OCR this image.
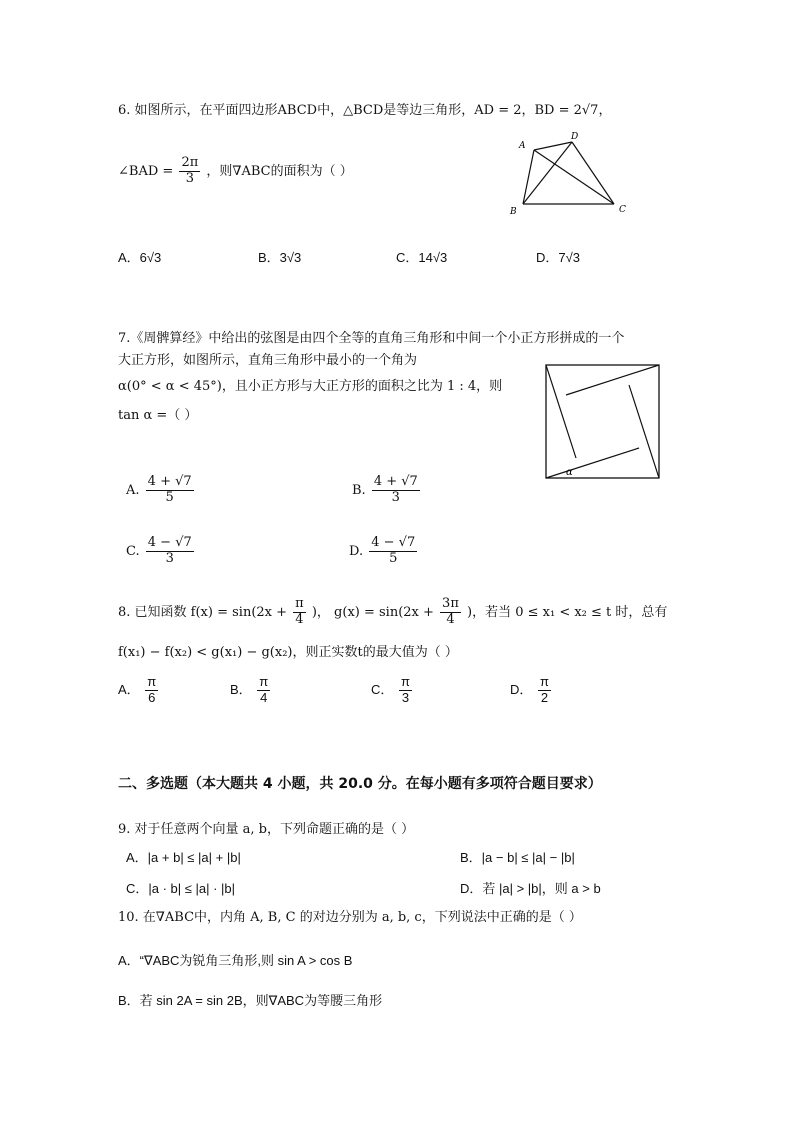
6. 如图所示，在平面四边形ABCD中，△BCD是等边三角形，AD = 2，BD = 2√7，
∠BAD = $\frac{2\pi}{3}$ ，则∇ABC的面积为（ ）
A
D
B	C
A．6√3	B．3√3	C．14√3	D．7√3
7.《周髀算经》中给出的弦图是由四个全等的直角三角形和中间一个小正方形拼成的一个
大正方形，如图所示，直角三角形中最小的一个角为
α(0° < α < 45°)，且小正方形与大正方形的面积之比为 1 : 4，则
tan α =（ ）
α
A. $\frac{4 + √7}{5}$	B. $\frac{4 + √7}{3}$
C. $\frac{4 - √7}{3}$	D. $\frac{4 - √7}{5}$
8. 已知函数 $f(x) = \sin(2x + \frac{\pi}{4}$ )， $g(x) = \sin(2x + \frac{3\pi}{4}$ )，若当 0 ≤ x₁ < x₂ ≤ t 时，总有
f(x₁) − f(x₂) < g(x₁) − g(x₂)，则正实数t的最大值为（ ）
A． $\frac{\pi}{6}$	B． $\frac{\pi}{4}$	C． $\frac{\pi}{3}$	D． $\frac{\pi}{2}$
二、多选题（本大题共 4 小题，共 20.0 分。在每小题有多项符合题目要求）
9. 对于任意两个向量 a, b，下列命题正确的是（ ）
A．|a + b| ≤ |a| + |b|	B．|a − b| ≤ |a| − |b|
C．|a · b| ≤ |a| · |b|	D．若 |a| > |b|，则 a > b
10. 在∇ABC中，内角 A, B, C 的对边分别为 a, b, c，下列说法中正确的是（ ）
A．“∇ABC为锐角三角形,则 sin A > cos B
B．若 sin 2A = sin 2B，则∇ABC为等腰三角形
